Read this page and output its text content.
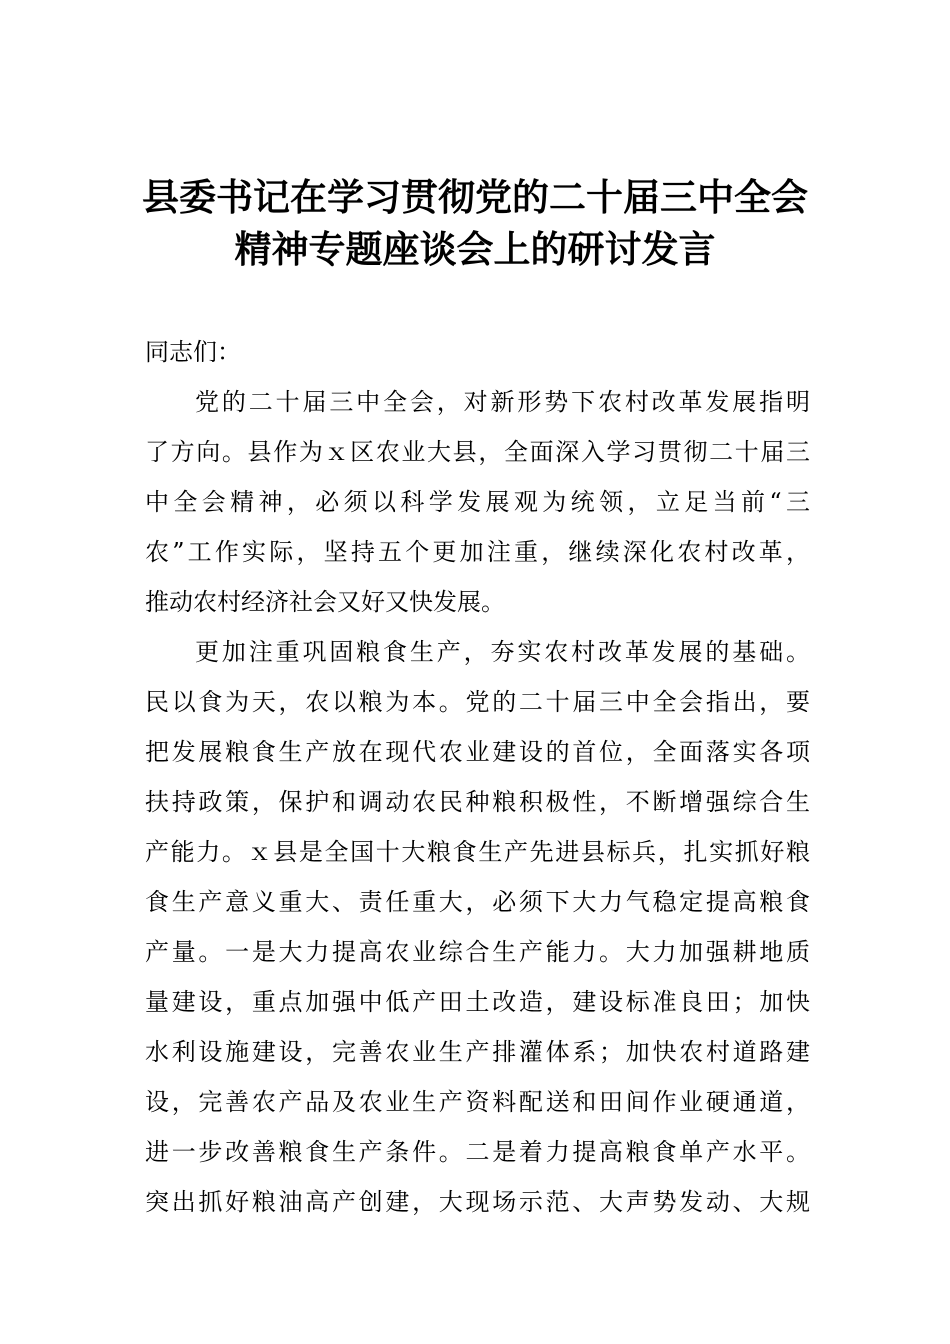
县委书记在学习贯彻党的二十届三中全会
精神专题座谈会上的研讨发言
同志们：
党的二十届三中全会，对新形势下农村改革发展指明
了方向。县作为ｘ区农业大县，全面深入学习贯彻二十届三
中全会精神，必须以科学发展观为统领，立足当前“三
农”工作实际，坚持五个更加注重，继续深化农村改革，
推动农村经济社会又好又快发展。
更加注重巩固粮食生产，夯实农村改革发展的基础。
民以食为天，农以粮为本。党的二十届三中全会指出，要
把发展粮食生产放在现代农业建设的首位，全面落实各项
扶持政策，保护和调动农民种粮积极性，不断增强综合生
产能力。ｘ县是全国十大粮食生产先进县标兵，扎实抓好粮
食生产意义重大、责任重大，必须下大力气稳定提高粮食
产量。一是大力提高农业综合生产能力。大力加强耕地质
量建设，重点加强中低产田土改造，建设标准良田；加快
水利设施建设，完善农业生产排灌体系；加快农村道路建
设，完善农产品及农业生产资料配送和田间作业硬通道，
进一步改善粮食生产条件。二是着力提高粮食单产水平。
突出抓好粮油高产创建，大现场示范、大声势发动、大规
